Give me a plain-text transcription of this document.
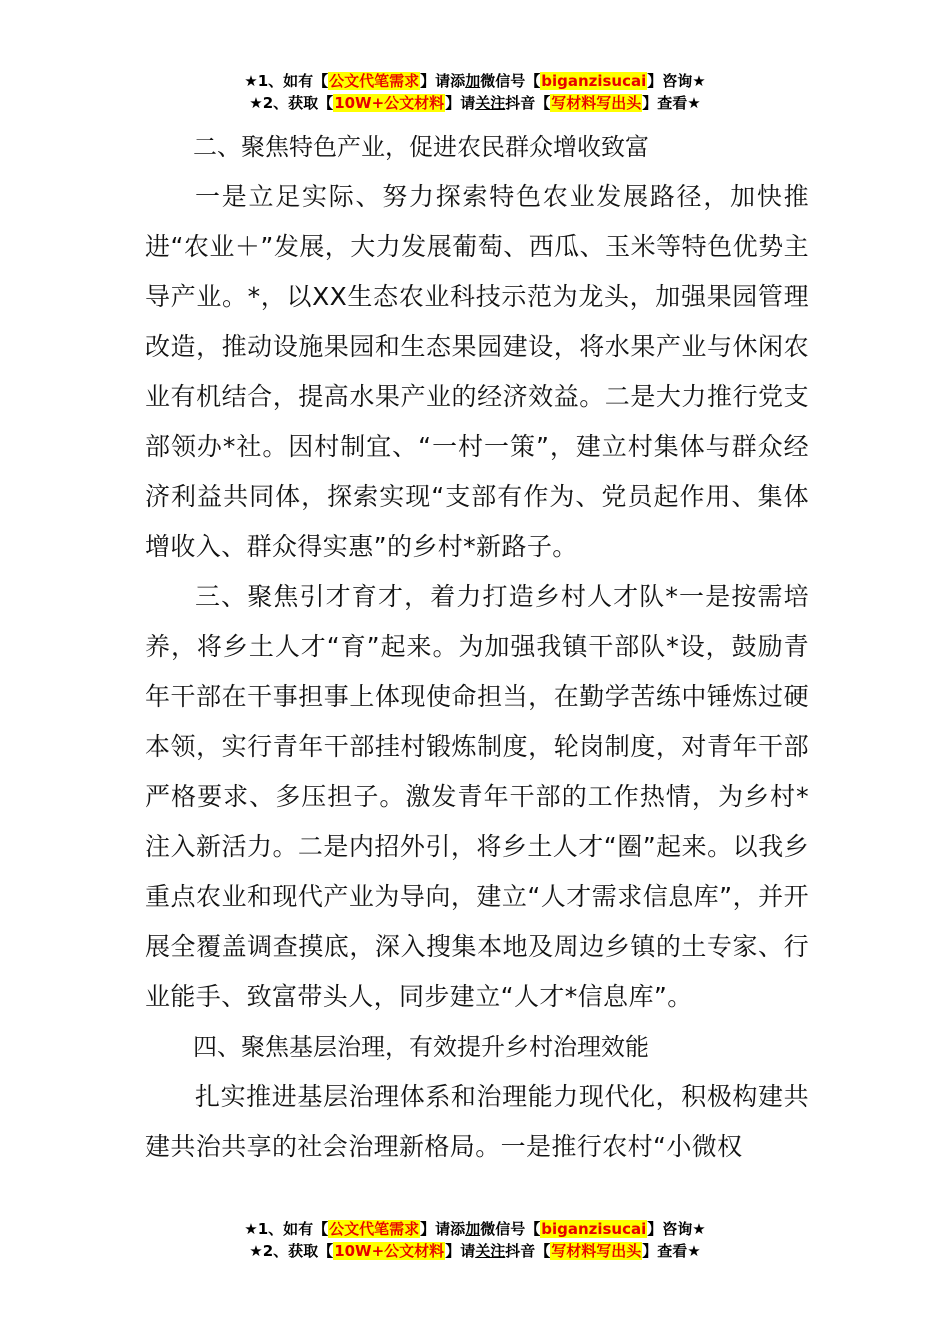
★1、如有【公文代笔需求】请添加微信号【biganzisucai】咨询★
★2、获取【10W+公文材料】请关注抖音【写材料写出头】查看★

二、聚焦特色产业，促进农民群众增收致富

一是立足实际、努力探索特色农业发展路径，加快推进“农业＋”发展，大力发展葡萄、西瓜、玉米等特色优势主导产业。*，以XX生态农业科技示范为龙头，加强果园管理改造，推动设施果园和生态果园建设，将水果产业与休闲农业有机结合，提高水果产业的经济效益。二是大力推行党支部领办*社。因村制宜、“一村一策”，建立村集体与群众经济利益共同体，探索实现“支部有作为、党员起作用、集体增收入、群众得实惠”的乡村*新路子。

三、聚焦引才育才，着力打造乡村人才队*一是按需培养，将乡土人才“育”起来。为加强我镇干部队*设，鼓励青年干部在干事担事上体现使命担当，在勤学苦练中锤炼过硬本领，实行青年干部挂村锻炼制度，轮岗制度，对青年干部严格要求、多压担子。激发青年干部的工作热情，为乡村*注入新活力。二是内招外引，将乡土人才“圈”起来。以我乡重点农业和现代产业为导向，建立“人才需求信息库”，并开展全覆盖调查摸底，深入搜集本地及周边乡镇的土专家、行业能手、致富带头人，同步建立“人才*信息库”。

四、聚焦基层治理，有效提升乡村治理效能

扎实推进基层治理体系和治理能力现代化，积极构建共建共治共享的社会治理新格局。一是推行农村“小微权

★1、如有【公文代笔需求】请添加微信号【biganzisucai】咨询★
★2、获取【10W+公文材料】请关注抖音【写材料写出头】查看★
